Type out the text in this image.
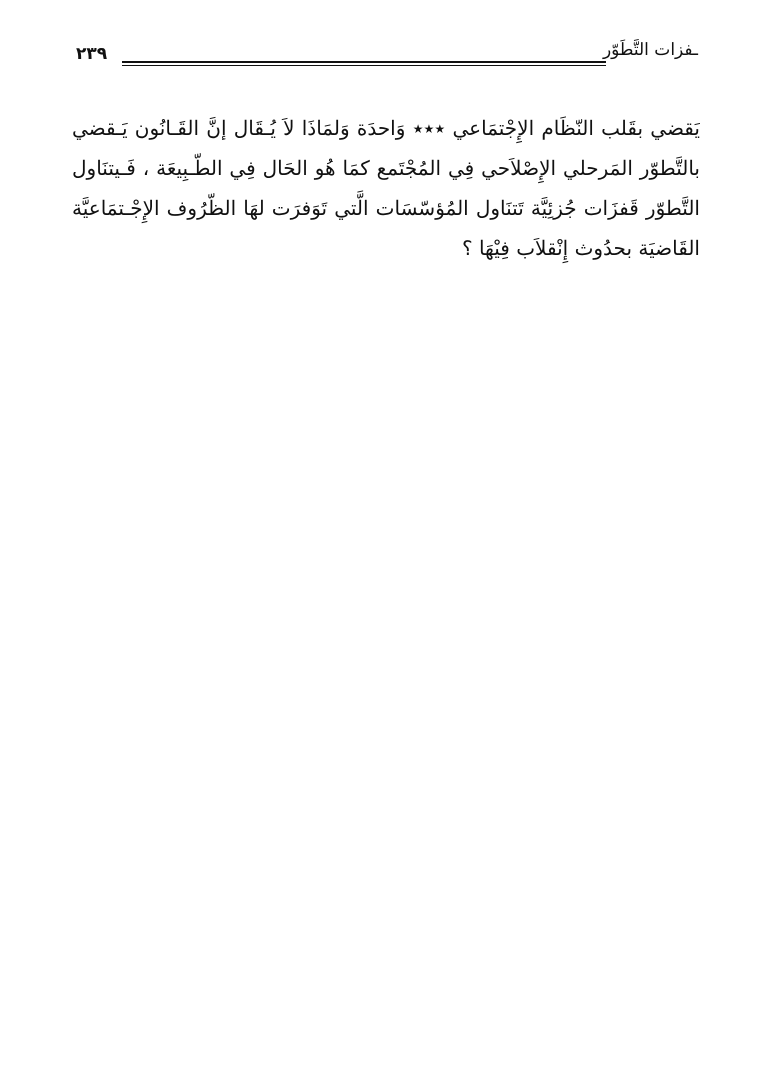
٢٣٩	ـفزات التَّطَوّر
يَقضي بقَلب النّظَام الإِجْتمَاعي ٭٭٭ وَاحدَة وَلمَاذَا لاَ يُـقَال إنَّ القَـانُون يَـقضي
بالتَّطوّر المَرحلي الإِصْلاَحي فِي المُجْتَمع كمَا هُو الحَال فِي الطّـبِيعَة ، فَـيتنَاول
التَّطوّر قَفزَات جُزئِيَّة تَتنَاول المُؤسّسَات الَّتي تَوَفرَت لهَا الظّرُوف الإِجْـتمَاعيَّة
القَاضيَة بحدُوث إِنْقلاَب فِيْهَا ؟
